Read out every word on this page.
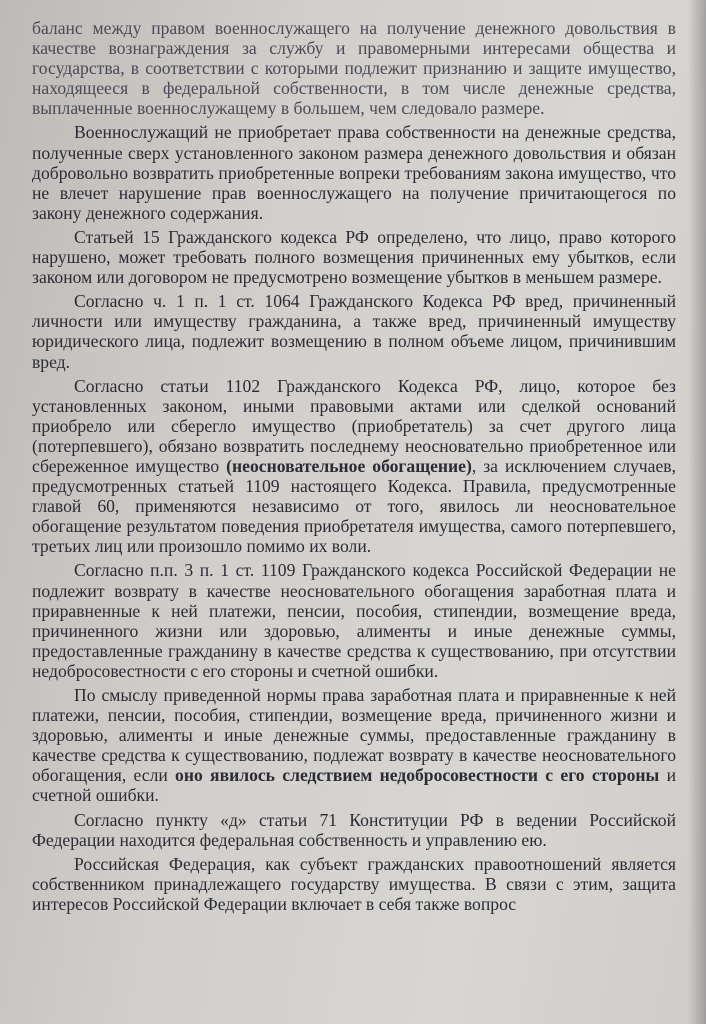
баланс между правом военнослужащего на получение денежного довольствия в качестве вознаграждения за службу и правомерными интересами общества и государства, в соответствии с которыми подлежит признанию и защите имущество, находящееся в федеральной собственности, в том числе денежные средства, выплаченные военнослужащему в большем, чем следовало размере.

Военнослужащий не приобретает права собственности на денежные средства, полученные сверх установленного законом размера денежного довольствия и обязан добровольно возвратить приобретенные вопреки требованиям закона имущество, что не влечет нарушение прав военнослужащего на получение причитающегося по закону денежного содержания.

Статьей 15 Гражданского кодекса РФ определено, что лицо, право которого нарушено, может требовать полного возмещения причиненных ему убытков, если законом или договором не предусмотрено возмещение убытков в меньшем размере.

Согласно ч. 1 п. 1 ст. 1064 Гражданского Кодекса РФ вред, причиненный личности или имуществу гражданина, а также вред, причиненный имуществу юридического лица, подлежит возмещению в полном объеме лицом, причинившим вред.

Согласно статьи 1102 Гражданского Кодекса РФ, лицо, которое без установленных законом, иными правовыми актами или сделкой оснований приобрело или сберегло имущество (приобретатель) за счет другого лица (потерпевшего), обязано возвратить последнему неосновательно приобретенное или сбереженное имущество (неосновательное обогащение), за исключением случаев, предусмотренных статьей 1109 настоящего Кодекса. Правила, предусмотренные главой 60, применяются независимо от того, явилось ли неосновательное обогащение результатом поведения приобретателя имущества, самого потерпевшего, третьих лиц или произошло помимо их воли.

Согласно п.п. 3 п. 1 ст. 1109 Гражданского кодекса Российской Федерации не подлежит возврату в качестве неосновательного обогащения заработная плата и приравненные к ней платежи, пенсии, пособия, стипендии, возмещение вреда, причиненного жизни или здоровью, алименты и иные денежные суммы, предоставленные гражданину в качестве средства к существованию, при отсутствии недобросовестности с его стороны и счетной ошибки.

По смыслу приведенной нормы права заработная плата и приравненные к ней платежи, пенсии, пособия, стипендии, возмещение вреда, причиненного жизни и здоровью, алименты и иные денежные суммы, предоставленные гражданину в качестве средства к существованию, подлежат возврату в качестве неосновательного обогащения, если оно явилось следствием недобросовестности с его стороны и счетной ошибки.

Согласно пункту «д» статьи 71 Конституции РФ в ведении Российской Федерации находится федеральная собственность и управлению ею.

Российская Федерация, как субъект гражданских правоотношений является собственником принадлежащего государству имущества. В связи с этим, защита интересов Российской Федерации включает в себя также вопрос
